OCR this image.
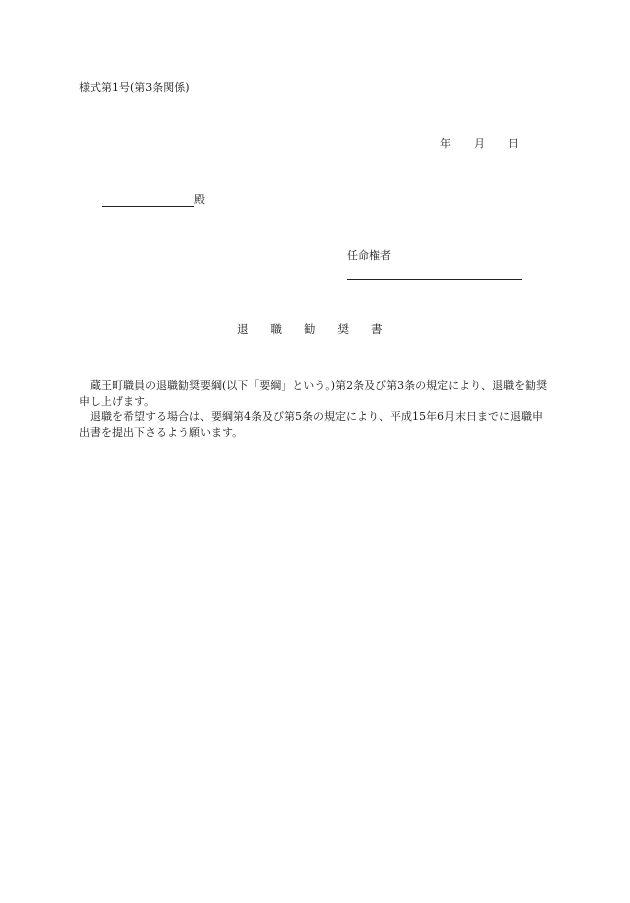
様式第1号(第3条関係)
年 月 日
殿
任命権者
退 職 勧 奨 書

蔵王町職員の退職勧奨要綱(以下「要綱」という。)第2条及び第3条の規定により、退職を勧奨申し上げます。

退職を希望する場合は、要綱第4条及び第5条の規定により、平成15年6月末日までに退職申出書を提出下さるよう願います。
